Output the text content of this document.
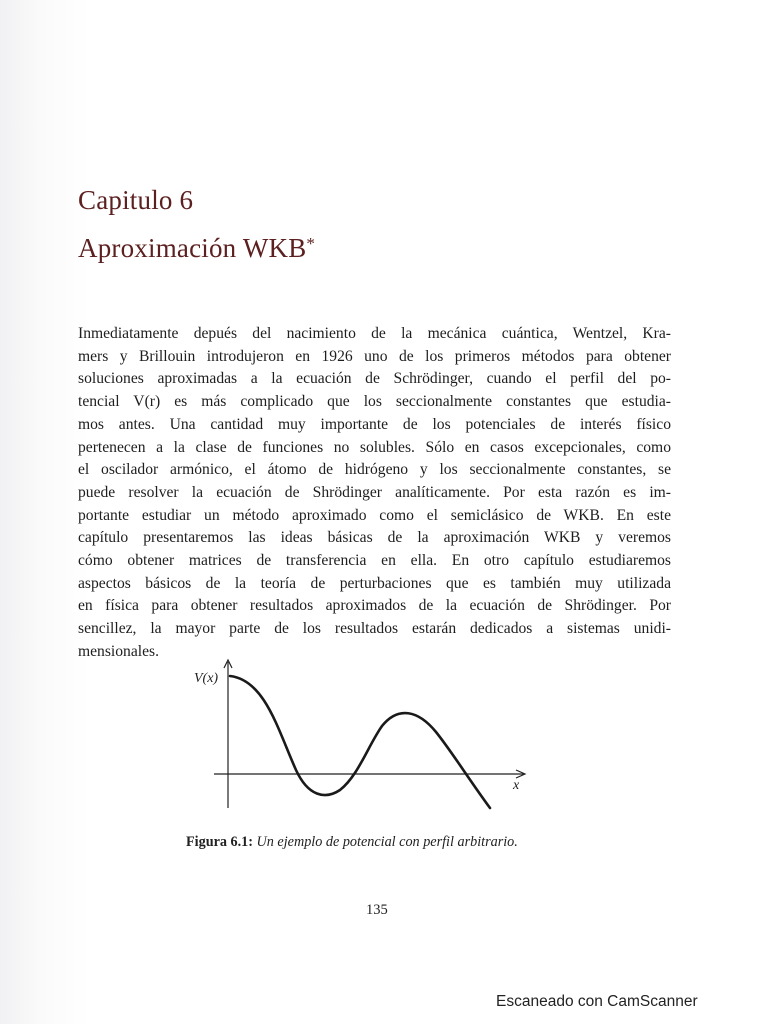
Capitulo 6
Aproximación WKB*
Inmediatamente depués del nacimiento de la mecánica cuántica, Wentzel, Kra-
mers y Brillouin introdujeron en 1926 uno de los primeros métodos para obtener
soluciones aproximadas a la ecuación de Schrödinger, cuando el perfil del po-
tencial V(r) es más complicado que los seccionalmente constantes que estudia-
mos antes. Una cantidad muy importante de los potenciales de interés físico
pertenecen a la clase de funciones no solubles. Sólo en casos excepcionales, como
el oscilador armónico, el átomo de hidrógeno y los seccionalmente constantes, se
puede resolver la ecuación de Shrödinger analíticamente. Por esta razón es im-
portante estudiar un método aproximado como el semiclásico de WKB. En este
capítulo presentaremos las ideas básicas de la aproximación WKB y veremos
cómo obtener matrices de transferencia en ella. En otro capítulo estudiaremos
aspectos básicos de la teoría de perturbaciones que es también muy utilizada
en física para obtener resultados aproximados de la ecuación de Shrödinger. Por
sencillez, la mayor parte de los resultados estarán dedicados a sistemas unidi-
mensionales.
V(x)
x
Figura 6.1: Un ejemplo de potencial con perfil arbitrario.
135
Escaneado con CamScanner
